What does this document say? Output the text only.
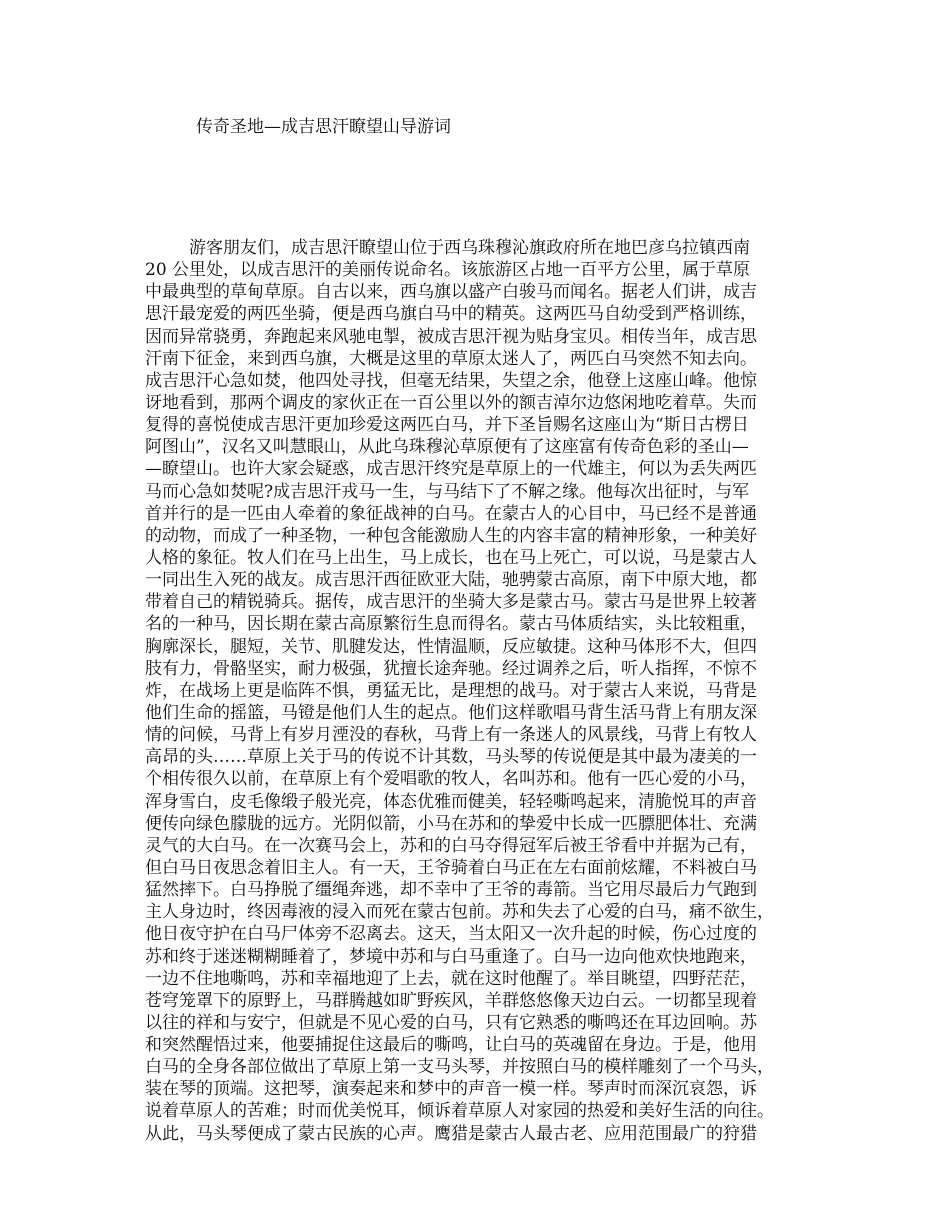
传奇圣地—成吉思汗瞭望山导游词
游客朋友们，成吉思汗瞭望山位于西乌珠穆沁旗政府所在地巴彦乌拉镇西南
20 公里处，以成吉思汗的美丽传说命名。该旅游区占地一百平方公里，属于草原
中最典型的草甸草原。自古以来，西乌旗以盛产白骏马而闻名。据老人们讲，成吉
思汗最宠爱的两匹坐骑，便是西乌旗白马中的精英。这两匹马自幼受到严格训练，
因而异常骁勇，奔跑起来风驰电掣，被成吉思汗视为贴身宝贝。相传当年，成吉思
汗南下征金，来到西乌旗，大概是这里的草原太迷人了，两匹白马突然不知去向。
成吉思汗心急如焚，他四处寻找，但毫无结果，失望之余，他登上这座山峰。他惊
讶地看到，那两个调皮的家伙正在一百公里以外的额吉淖尔边悠闲地吃着草。失而
复得的喜悦使成吉思汗更加珍爱这两匹白马，并下圣旨赐名这座山为“斯日古楞日
阿图山”，汉名又叫慧眼山，从此乌珠穆沁草原便有了这座富有传奇色彩的圣山—
—瞭望山。也许大家会疑惑，成吉思汗终究是草原上的一代雄主，何以为丢失两匹
马而心急如焚呢?成吉思汗戎马一生，与马结下了不解之缘。他每次出征时，与军
首并行的是一匹由人牵着的象征战神的白马。在蒙古人的心目中，马已经不是普通
的动物，而成了一种圣物，一种包含能激励人生的内容丰富的精神形象，一种美好
人格的象征。牧人们在马上出生，马上成长，也在马上死亡，可以说，马是蒙古人
一同出生入死的战友。成吉思汗西征欧亚大陆，驰骋蒙古高原，南下中原大地，都
带着自己的精锐骑兵。据传，成吉思汗的坐骑大多是蒙古马。蒙古马是世界上较著
名的一种马，因长期在蒙古高原繁衍生息而得名。蒙古马体质结实，头比较粗重，
胸廓深长，腿短，关节、肌腱发达，性情温顺，反应敏捷。这种马体形不大，但四
肢有力，骨骼坚实，耐力极强，犹擅长途奔驰。经过调养之后，听人指挥，不惊不
炸，在战场上更是临阵不惧，勇猛无比，是理想的战马。对于蒙古人来说，马背是
他们生命的摇篮，马镫是他们人生的起点。他们这样歌唱马背生活马背上有朋友深
情的问候，马背上有岁月湮没的春秋，马背上有一条迷人的风景线，马背上有牧人
高昂的头……草原上关于马的传说不计其数，马头琴的传说便是其中最为凄美的一
个相传很久以前，在草原上有个爱唱歌的牧人，名叫苏和。他有一匹心爱的小马，
浑身雪白，皮毛像缎子般光亮，体态优雅而健美，轻轻嘶鸣起来，清脆悦耳的声音
便传向绿色朦胧的远方。光阴似箭，小马在苏和的挚爱中长成一匹膘肥体壮、充满
灵气的大白马。在一次赛马会上，苏和的白马夺得冠军后被王爷看中并据为己有，
但白马日夜思念着旧主人。有一天，王爷骑着白马正在左右面前炫耀，不料被白马
猛然摔下。白马挣脱了缰绳奔逃，却不幸中了王爷的毒箭。当它用尽最后力气跑到
主人身边时，终因毒液的浸入而死在蒙古包前。苏和失去了心爱的白马，痛不欲生，
他日夜守护在白马尸体旁不忍离去。这天，当太阳又一次升起的时候，伤心过度的
苏和终于迷迷糊糊睡着了，梦境中苏和与白马重逢了。白马一边向他欢快地跑来，
一边不住地嘶鸣，苏和幸福地迎了上去，就在这时他醒了。举目眺望，四野茫茫，
苍穹笼罩下的原野上，马群腾越如旷野疾风，羊群悠悠像天边白云。一切都呈现着
以往的祥和与安宁，但就是不见心爱的白马，只有它熟悉的嘶鸣还在耳边回响。苏
和突然醒悟过来，他要捕捉住这最后的嘶鸣，让白马的英魂留在身边。于是，他用
白马的全身各部位做出了草原上第一支马头琴，并按照白马的模样雕刻了一个马头，
装在琴的顶端。这把琴，演奏起来和梦中的声音一模一样。琴声时而深沉哀怨，诉
说着草原人的苦难；时而优美悦耳，倾诉着草原人对家园的热爱和美好生活的向往。
从此，马头琴便成了蒙古民族的心声。鹰猎是蒙古人最古老、应用范围最广的狩猎
